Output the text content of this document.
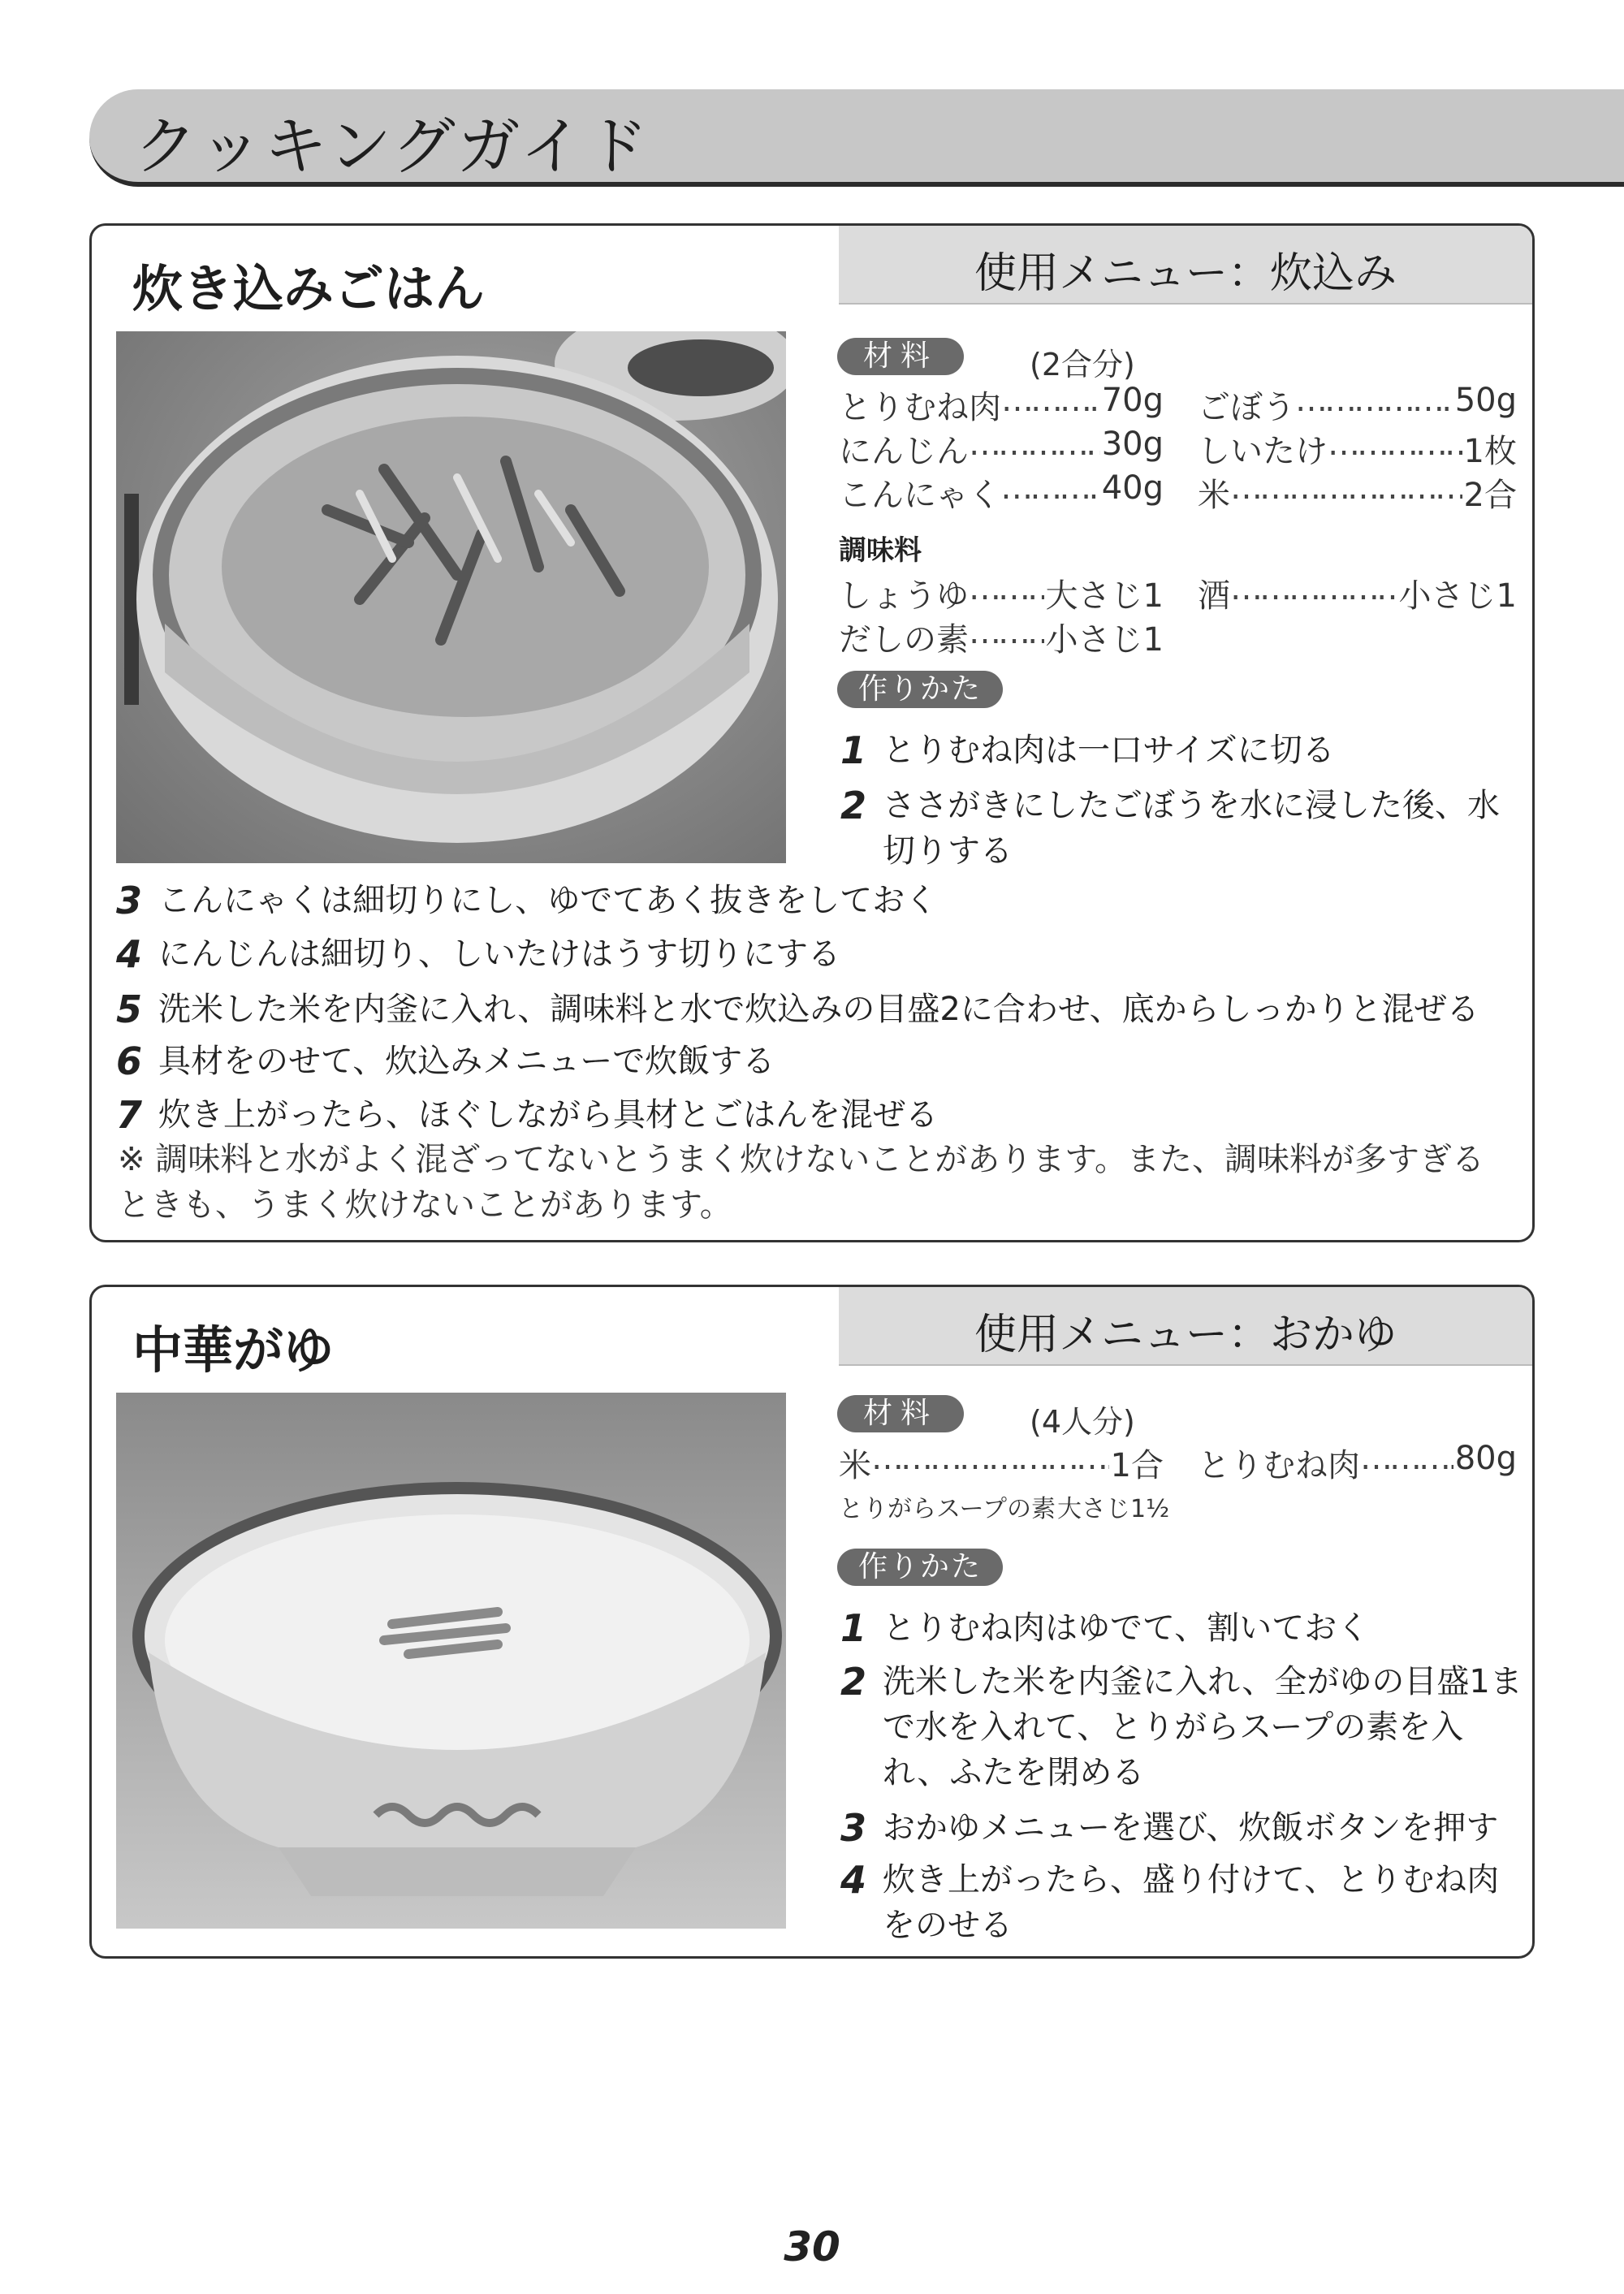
クッキングガイド
炊き込みごはん	使用メニュー：炊込み
材料	(2合分)
とりむね肉 …………………………………………………………	70g ごぼう …………………………………………………………	50g
にんじん …………………………………………………………	30g しいたけ …………………………………………………………	1枚
こんにゃく …………………………………………………………	40g 米 …………………………………………………………	2合
調味料
しょうゆ ………………………………………………………… 大さじ1 酒 …………………………………………………………	小さじ1
だしの素 ………………………………………………………… 小さじ1
作りかた
1 とりむね肉は一口サイズに切る
2 ささがきにしたごぼうを水に浸した後、水切りする
3 こんにゃくは細切りにし、ゆでてあく抜きをしておく
4 にんじんは細切り、しいたけはうす切りにする
5 洗米した米を内釜に入れ、調味料と水で炊込みの目盛2に合わせ、底からしっかりと混ぜる
6 具材をのせて、炊込みメニューで炊飯する
7 炊き上がったら、ほぐしながら具材とごはんを混ぜる
※ 調味料と水がよく混ざってないとうまく炊けないことがあります。また、調味料が多すぎるときも、うまく炊けないことがあります。
中華がゆ	使用メニュー：おかゆ
材料	(4人分)
米 …………………………………………………………	1合 とりむね肉 …………………………………………………………	80g
とりがらスープの素 大さじ1½
作りかた
1 とりむね肉はゆでて、割いておく
2 洗米した米を内釜に入れ、全がゆの目盛1まで水を入れて、とりがらスープの素を入れ、ふたを閉める
3 おかゆメニューを選び、炊飯ボタンを押す
4 炊き上がったら、盛り付けて、とりむね肉をのせる
30
